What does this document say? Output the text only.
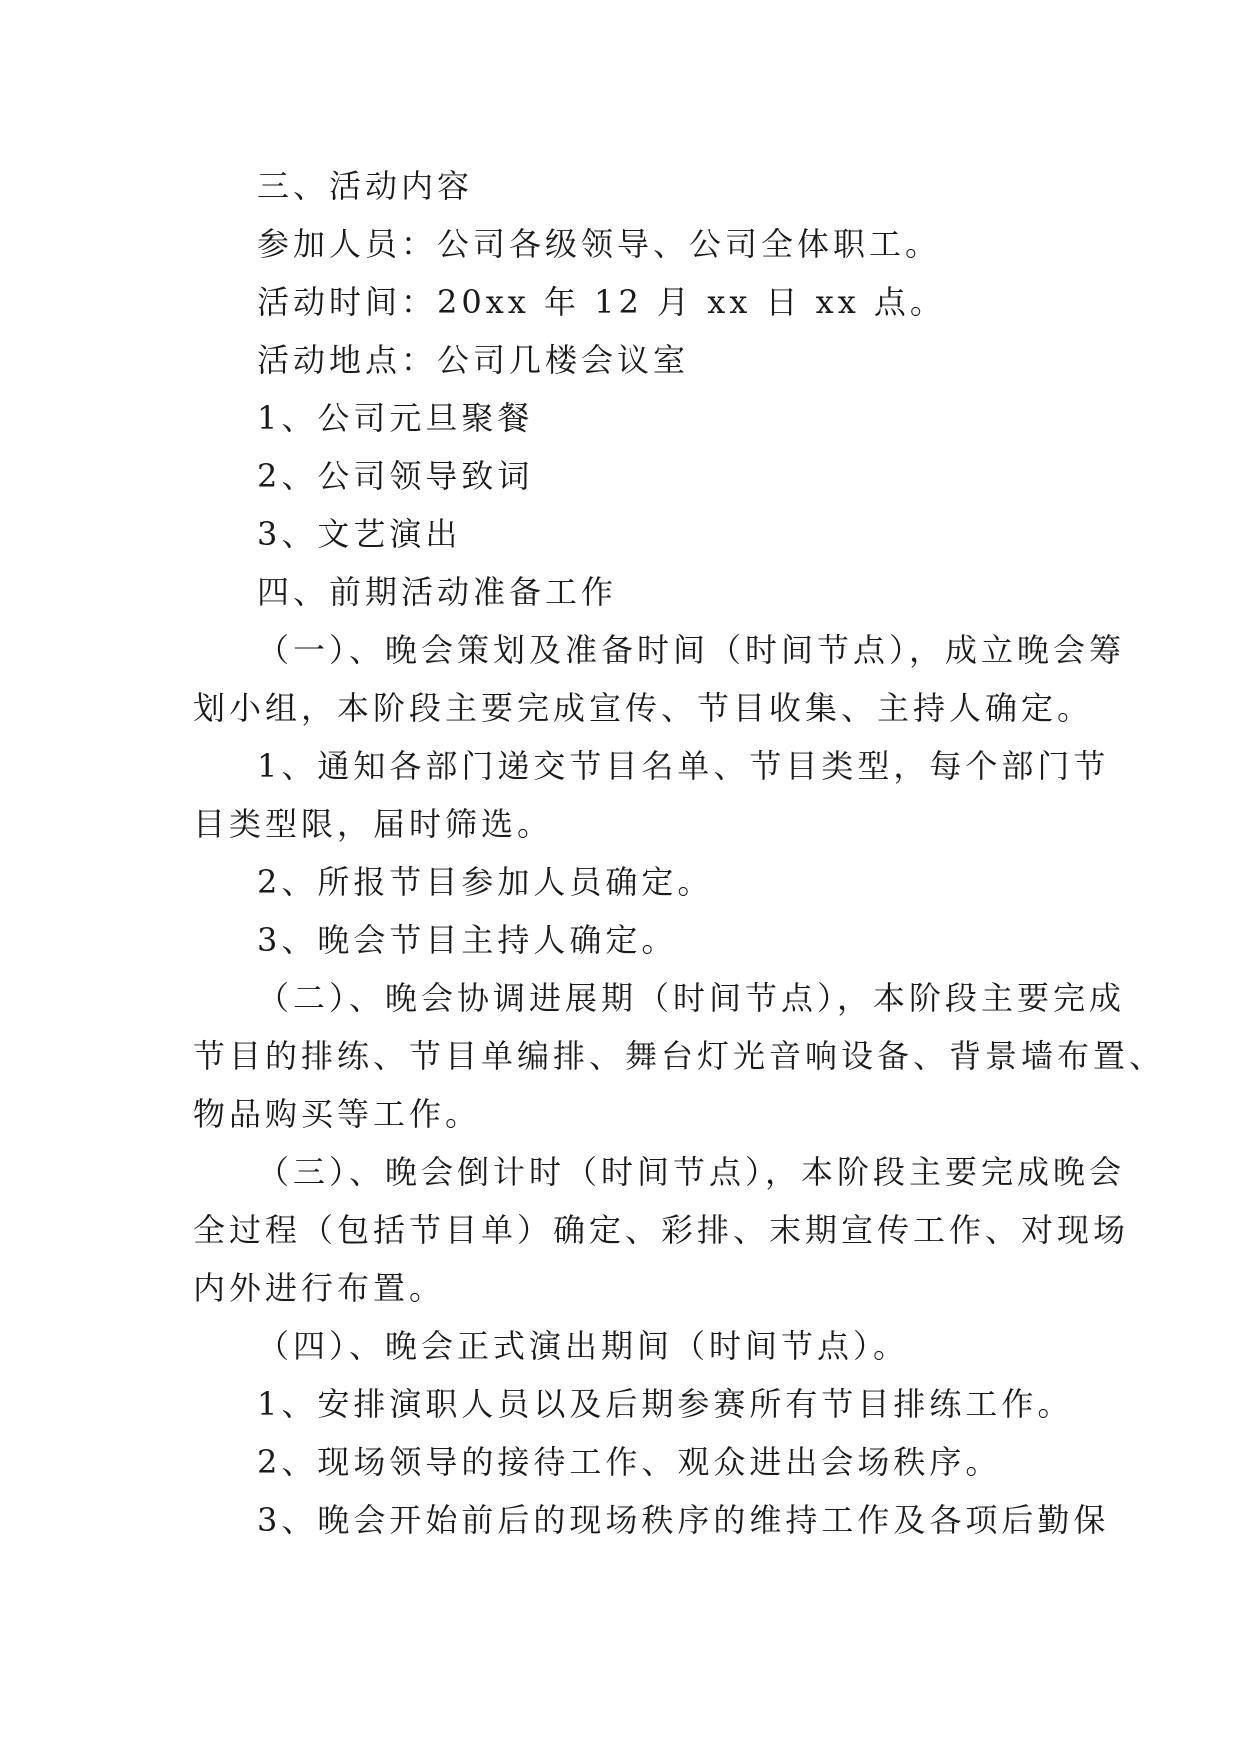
三、活动内容
参加人员：公司各级领导、公司全体职工。
活动时间：20xx 年 12 月 xx 日 xx 点。
活动地点：公司几楼会议室
1、公司元旦聚餐
2、公司领导致词
3、文艺演出
四、前期活动准备工作
（一）、晚会策划及准备时间（时间节点），成立晚会筹
划小组，本阶段主要完成宣传、节目收集、主持人确定。
1、通知各部门递交节目名单、节目类型，每个部门节
目类型限，届时筛选。
2、所报节目参加人员确定。
3、晚会节目主持人确定。
（二）、晚会协调进展期（时间节点），本阶段主要完成
节目的排练、节目单编排、舞台灯光音响设备、背景墙布置、
物品购买等工作。
（三）、晚会倒计时（时间节点），本阶段主要完成晚会
全过程（包括节目单）确定、彩排、末期宣传工作、对现场
内外进行布置。
（四）、晚会正式演出期间（时间节点）。
1、安排演职人员以及后期参赛所有节目排练工作。
2、现场领导的接待工作、观众进出会场秩序。
3、晚会开始前后的现场秩序的维持工作及各项后勤保
